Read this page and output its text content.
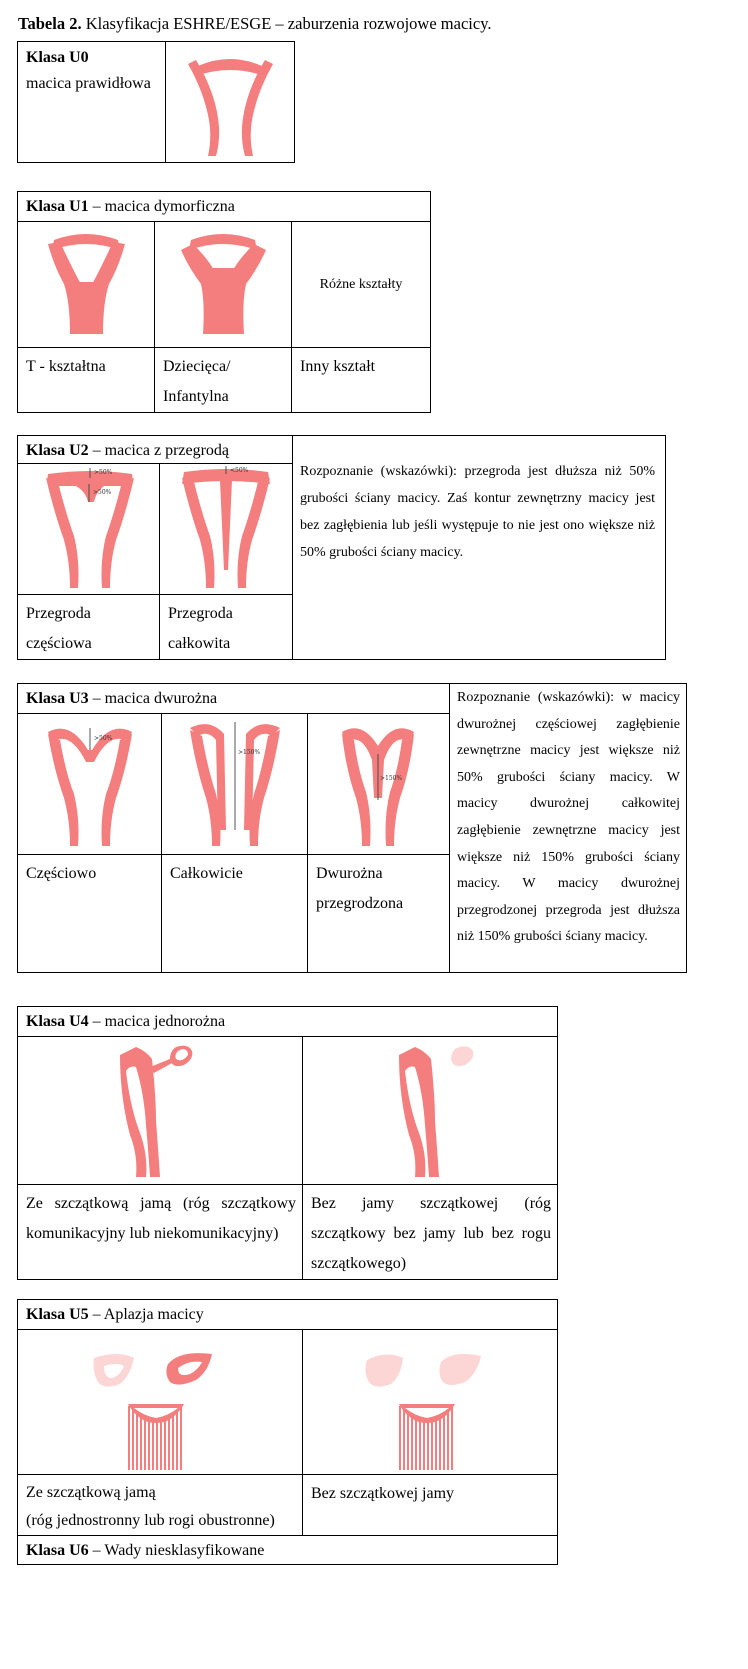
Tabela 2. Klasyfikacja ESHRE/ESGE – zaburzenia rozwojowe macicy.
Klasa U0
macica prawidłowa	
Klasa U1 – macica dymorficzna		

	Różne kształty
T - kształtna	Dziecięca/ Infantylna	Inny kształt
Klasa U2 – macica z przegrodą		Rozpoznanie (wskazówki): przegroda jest dłuższa niż 50% grubości ściany macicy. Zaś kontur zewnętrzny macicy jest bez zagłębienia lub jeśli występuje to nie jest ono większe niż 50% grubości ściany macicy.

>50%
>50%	<50%	

Przegroda częściowa	Przegroda całkowita	
Klasa U3 – macica dwurożna			Rozpoznanie (wskazówki): w macicy dwurożnej częściowej zagłębienie zewnętrzne macicy jest większe niż 50% grubości ściany macicy. W macicy dwurożnej całkowitej zagłębienie zewnętrzne macicy jest większe niż 150% grubości ściany macicy. W macicy dwurożnej przegrodzonej przegroda jest dłuższa niż 150% grubości ściany macicy.

>50%	>150%	>150%	

Częściowo	Całkowicie	Dwurożna przegrodzona	
Klasa U4 – macica jednorożna	

Ze szczątkową jamą (róg szczątkowy komunikacyjny lub niekomunikacyjny)	Bez jamy szczątkowej (róg szczątkowy bez jamy lub bez rogu szczątkowego)
Klasa U5 – Aplazja macicy	

Ze szczątkową jamą
(róg jednostronny lub rogi obustronne)	Bez szczątkowej jamy
Klasa U6 – Wady niesklasyfikowane	
